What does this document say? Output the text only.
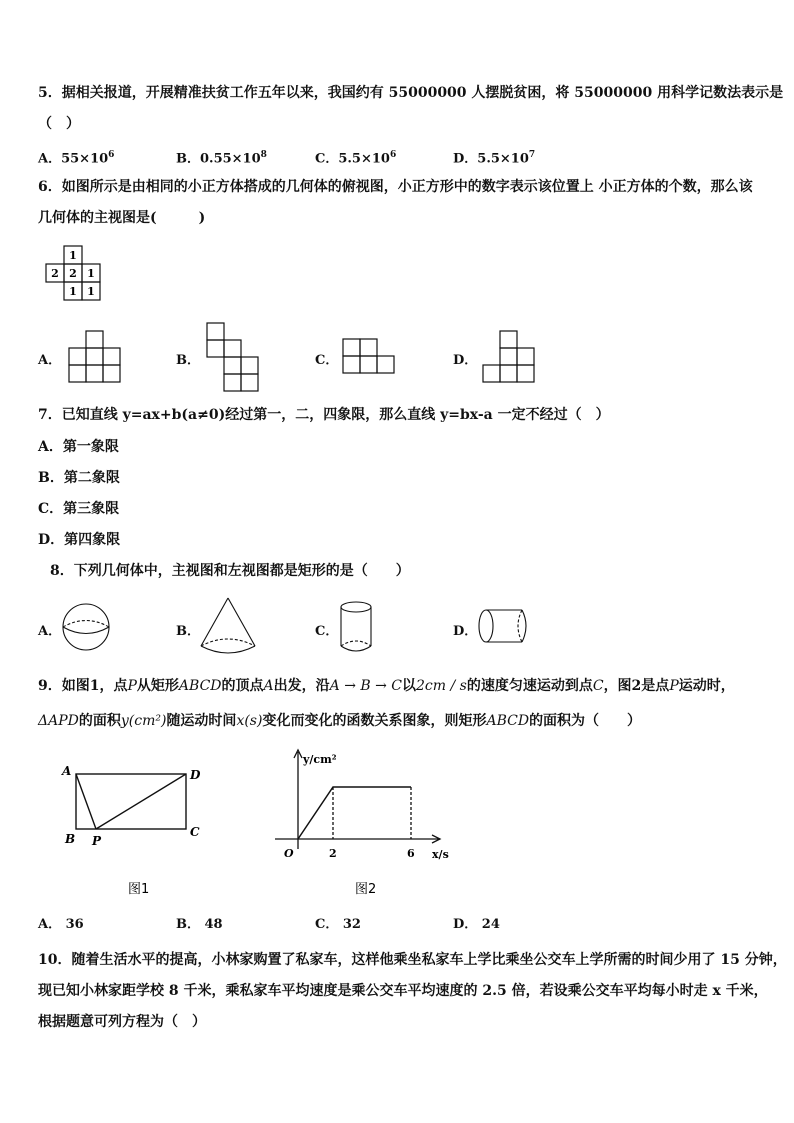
5．据相关报道，开展精准扶贫工作五年以来，我国约有 55000000 人摆脱贫困，将 55000000 用科学记数法表示是
（　）
A．$55\times 10^6$	B．$0.55\times 10^8$	C．$5.5\times 10^6$	D．$5.5\times 10^7$
6．如图所示是由相同的小正方体搭成的几何体的俯视图，小正方形中的数字表示该位置上 小正方体的个数，那么该
几何体的主视图是(　　　)
1
2 2 1
1 1
A．	B．	C．	D．
7．已知直线 y=ax+b(a≠0)经过第一，二，四象限，那么直线 y=bx-a 一定不经过（　）
A．第一象限
B．第二象限
C．第三象限
D．第四象限
8．下列几何体中，主视图和左视图都是矩形的是（　　）
A．	B．	C．	D．
9．如图1，点P从矩形ABCD的顶点A出发，沿A → B → C以2cm / s的速度匀速运动到点C，图2是点P运动时，
ΔAPD的面积y(cm²)随运动时间x(s)变化而变化的函数关系图象，则矩形ABCD的面积为（　　）
A
B	C
D
P
图1
y/cm²
x/s
O	2	6
图2
A． 36	B． 48	C． 32	D． 24
10．随着生活水平的提高，小林家购置了私家车，这样他乘坐私家车上学比乘坐公交车上学所需的时间少用了 15 分钟，
现已知小林家距学校 8 千米，乘私家车平均速度是乘公交车平均速度的 2.5 倍，若设乘公交车平均每小时走 x 千米，
根据题意可列方程为（　）
